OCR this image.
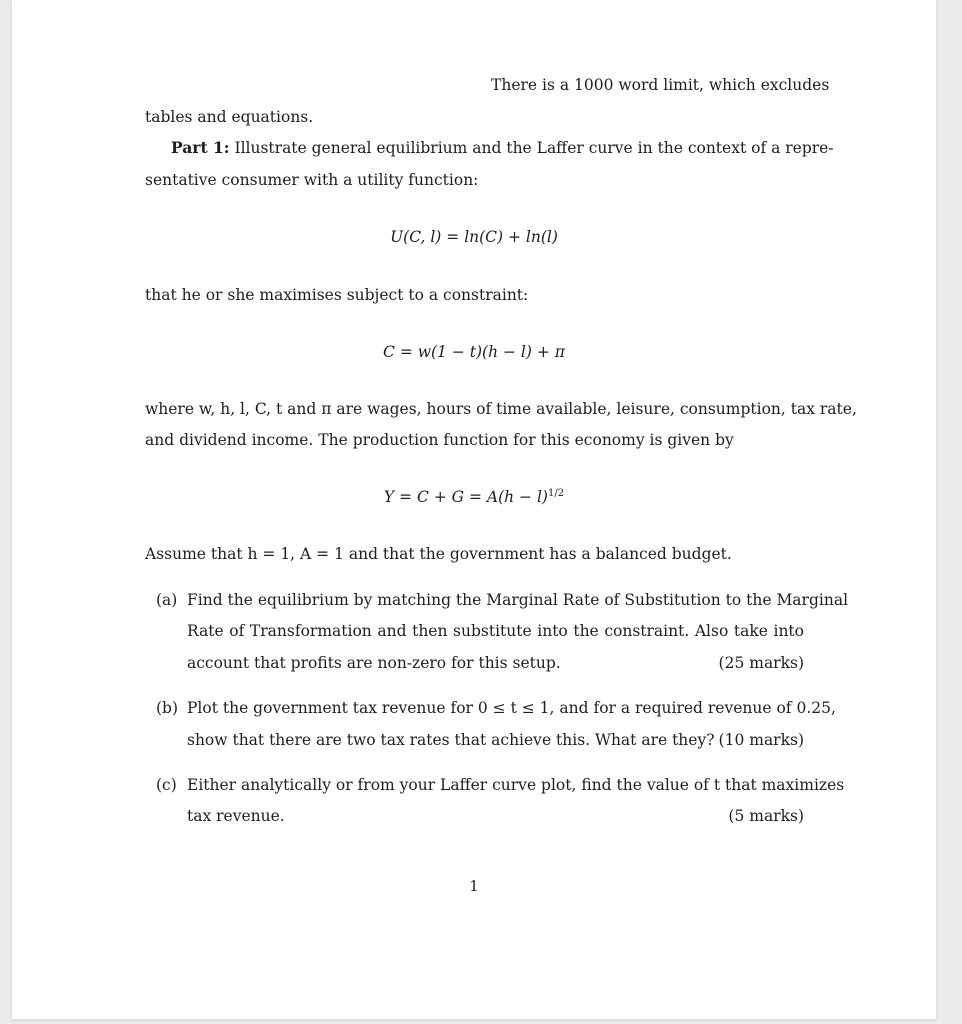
There is a 1000 word limit, which excludes
tables and equations.
Part 1: Illustrate general equilibrium and the Laffer curve in the context of a repre-
sentative consumer with a utility function:
U(C, l) = ln(C) + ln(l)
that he or she maximises subject to a constraint:
C = w(1 − t)(h − l) + π
where w, h, l, C, t and π are wages, hours of time available, leisure, consumption, tax rate,
and dividend income. The production function for this economy is given by
$Y = C + G = A(h - l)^{1/2}$
Assume that h = 1, A = 1 and that the government has a balanced budget.
(a) Find the equilibrium by matching the Marginal Rate of Substitution to the Marginal
Rate of Transformation and then substitute into the constraint. Also take into
account that profits are non-zero for this setup.	(25 marks)
(b) Plot the government tax revenue for 0 ≤ t ≤ 1, and for a required revenue of 0.25,
show that there are two tax rates that achieve this. What are they? (10 marks)
(c) Either analytically or from your Laffer curve plot, find the value of t that maximizes
tax revenue.	(5 marks)
1
